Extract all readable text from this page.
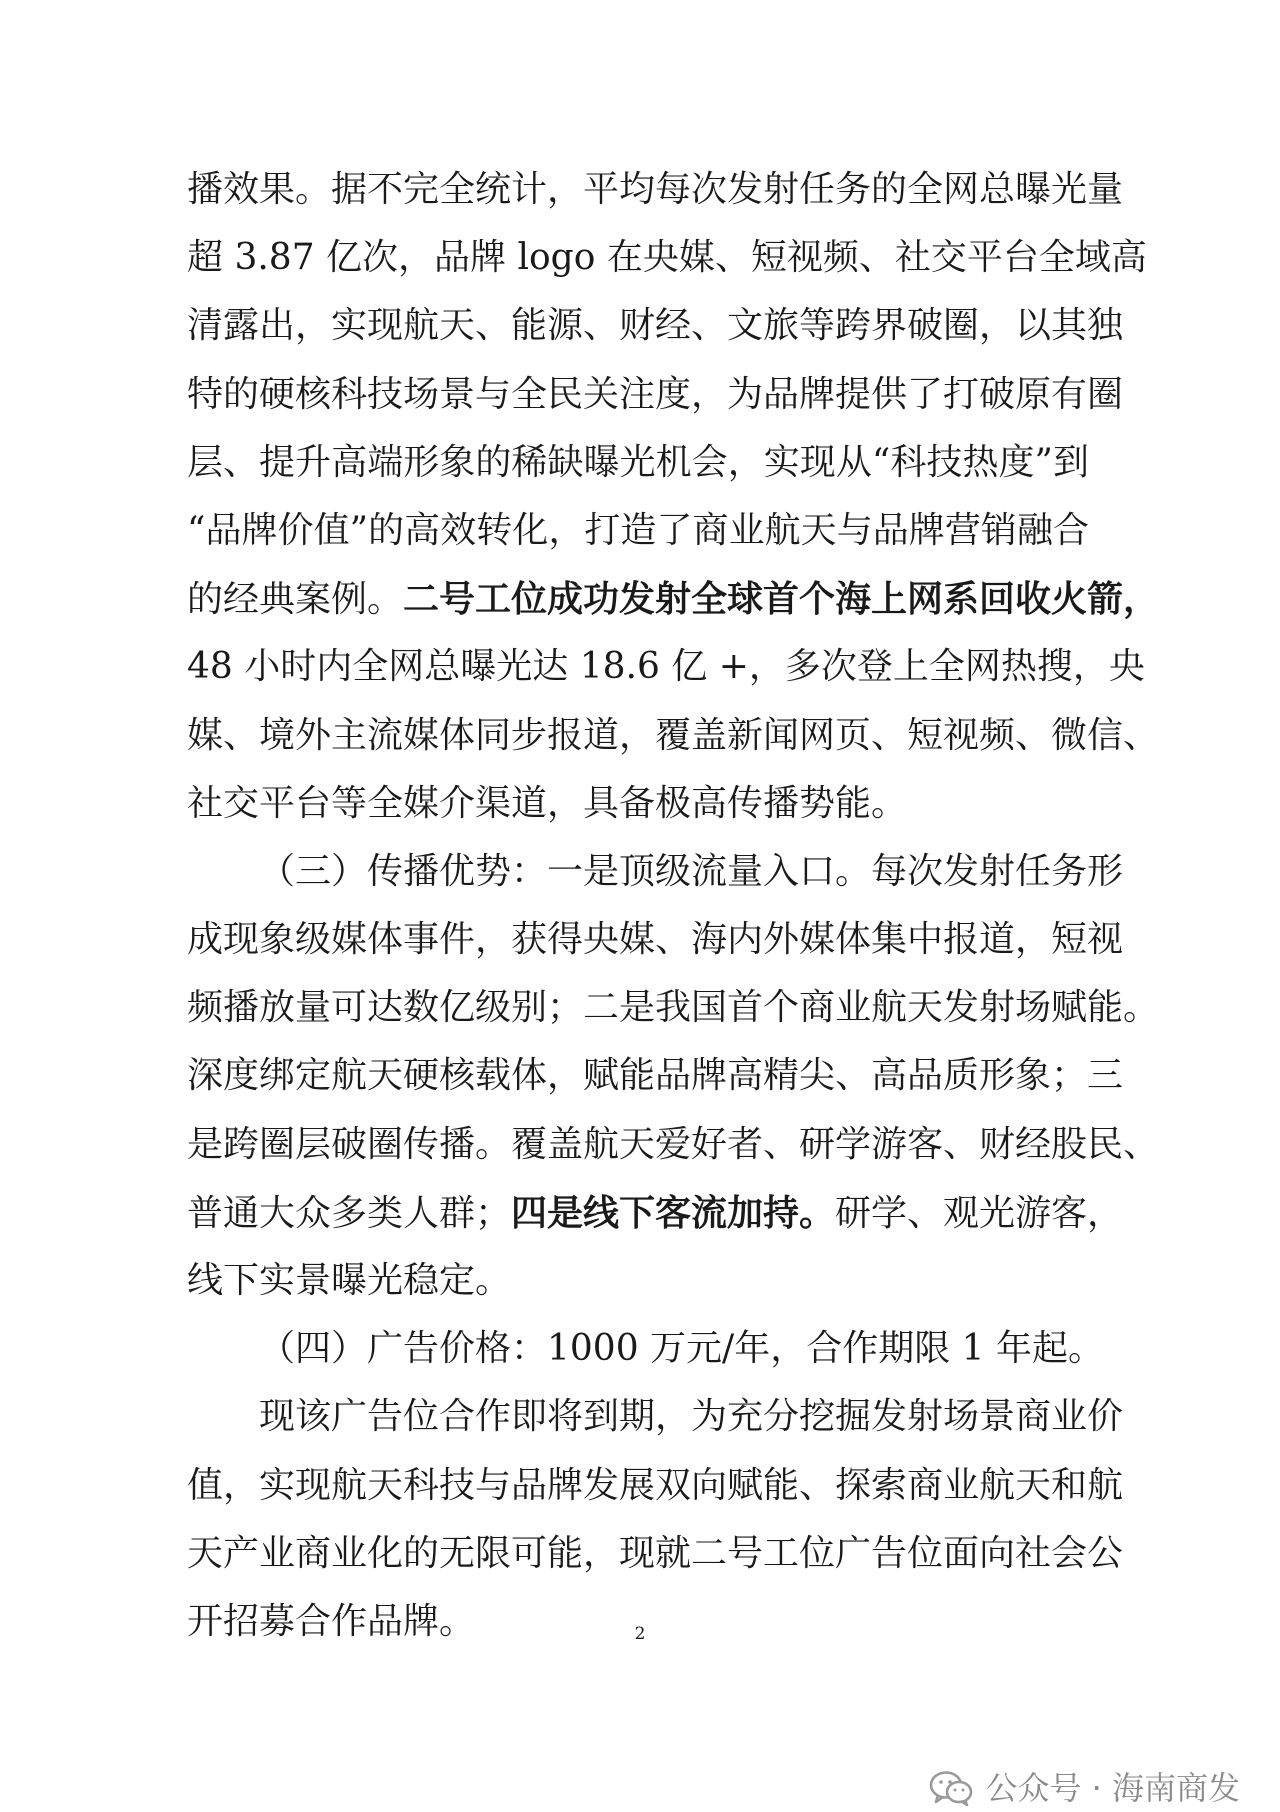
播效果。据不完全统计，平均每次发射任务的全网总曝光量
超 3.87 亿次，品牌 logo 在央媒、短视频、社交平台全域高
清露出，实现航天、能源、财经、文旅等跨界破圈，以其独
特的硬核科技场景与全民关注度，为品牌提供了打破原有圈
层、提升高端形象的稀缺曝光机会，实现从“科技热度”到
“品牌价值”的高效转化，打造了商业航天与品牌营销融合
的经典案例。二号工位成功发射全球首个海上网系回收火箭，
48 小时内全网总曝光达 18.6 亿 +，多次登上全网热搜，央
媒、境外主流媒体同步报道，覆盖新闻网页、短视频、微信、
社交平台等全媒介渠道，具备极高传播势能。
（三）传播优势：一是顶级流量入口。每次发射任务形
成现象级媒体事件，获得央媒、海内外媒体集中报道，短视
频播放量可达数亿级别；二是我国首个商业航天发射场赋能。
深度绑定航天硬核载体，赋能品牌高精尖、高品质形象；三
是跨圈层破圈传播。覆盖航天爱好者、研学游客、财经股民、
普通大众多类人群；四是线下客流加持。研学、观光游客，
线下实景曝光稳定。
（四）广告价格：1000 万元/年，合作期限 1 年起。
现该广告位合作即将到期，为充分挖掘发射场景商业价
值，实现航天科技与品牌发展双向赋能、探索商业航天和航
天产业商业化的无限可能，现就二号工位广告位面向社会公
开招募合作品牌。	2
公众号 · 海南商发
